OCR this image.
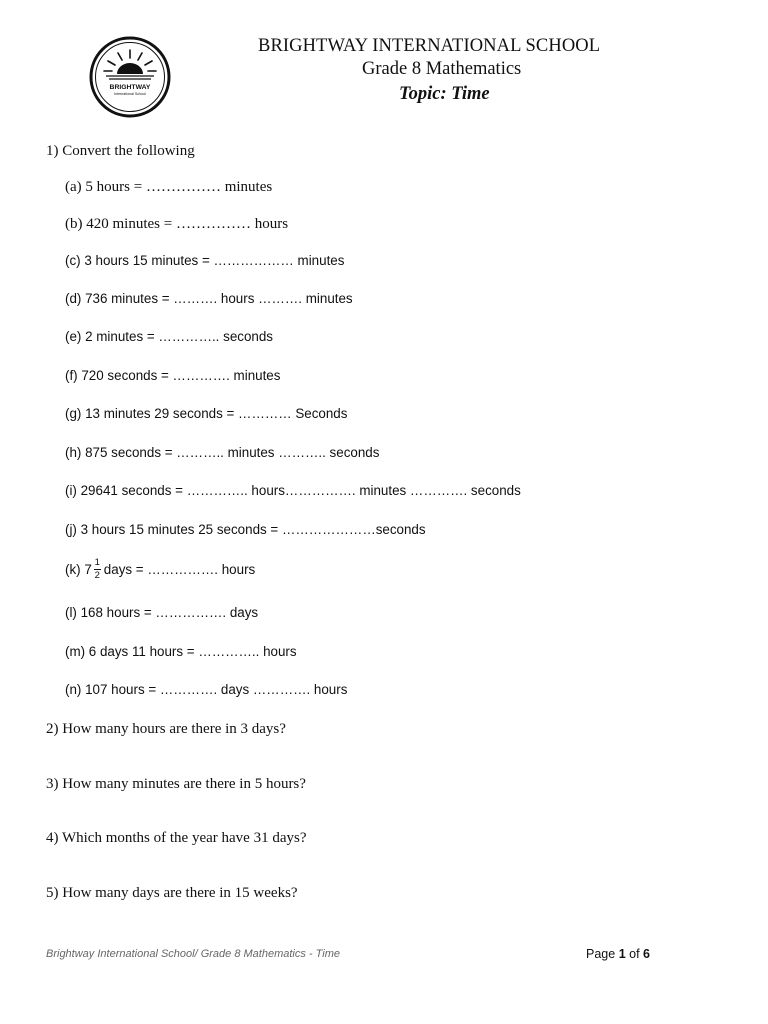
BRIGHTWAY
International School
BRIGHTWAY INTERNATIONAL SCHOOL
Grade 8 Mathematics
Topic: Time
1) Convert the following
(a) 5 hours = …………… minutes
(b) 420 minutes = …………… hours
(c) 3 hours 15 minutes = ……………… minutes
(d) 736 minutes = ………. hours ………. minutes
(e) 2 minutes = ………….. seconds
(f) 720 seconds = …………. minutes
(g) 13 minutes 29 seconds = ………… Seconds
(h) 875 seconds = ……….. minutes ……….. seconds
(i) 29641 seconds = ………….. hours……………. minutes …………. seconds
(j) 3 hours 15 minutes 25 seconds = …………………seconds
(k) $7 \frac{1}{2}$ days = ……………. hours
(l) 168 hours = ……………. days
(m) 6 days 11 hours = ………….. hours
(n) 107 hours = …………. days …………. hours
2) How many hours are there in 3 days?
3) How many minutes are there in 5 hours?
4) Which months of the year have 31 days?
5) How many days are there in 15 weeks?
Brightway International School/ Grade 8 Mathematics - Time	Page 1 of 6
